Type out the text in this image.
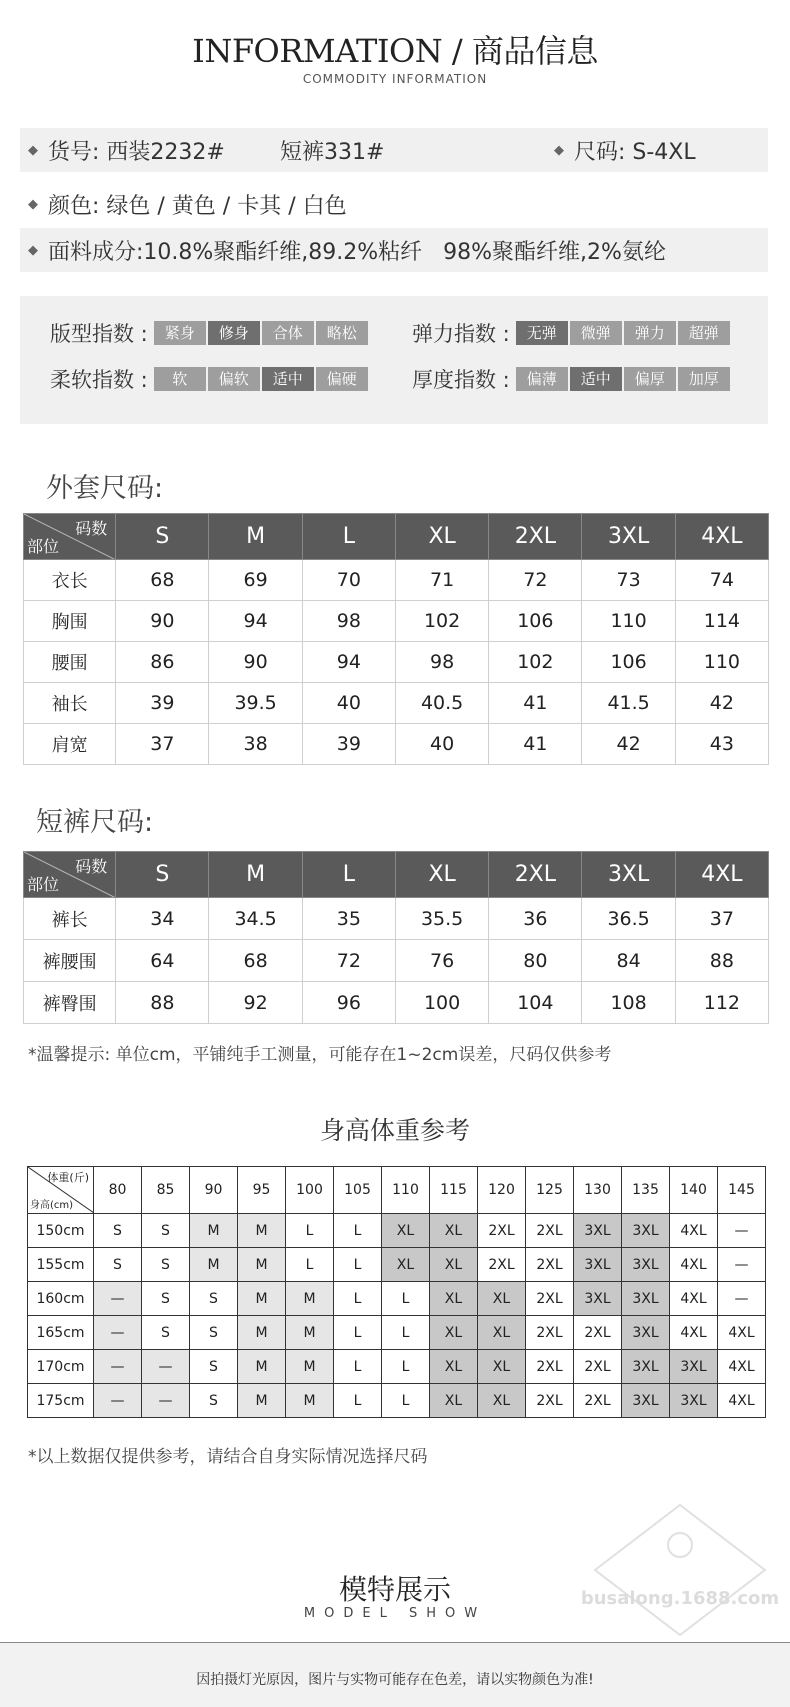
INFORMATION / 商品信息
COMMODITY INFORMATION
◆ 货号: 西装2232#	短裤331#	◆ 尺码: S-4XL
◆ 颜色: 绿色 / 黄色 / 卡其 / 白色
◆ 面料成分:10.8%聚酯纤维,89.2%粘纤   98%聚酯纤维,2%氨纶
版型指数 :	紧身	修身	合体	略松	弹力指数 :	无弹	微弹	弹力	超弹
柔软指数 :	软	偏软	适中	偏硬	厚度指数 :	偏薄	适中	偏厚	加厚
外套尺码:
码数
部位	S	M	L	XL	2XL	3XL	4XL
衣长	68	69	70	71	72	73	74
胸围	90	94	98	102	106	110	114
腰围	86	90	94	98	102	106	110
袖长	39	39.5	40	40.5	41	41.5	42
肩宽	37	38	39	40	41	42	43
短裤尺码:
码数
部位	S	M	L	XL	2XL	3XL	4XL
裤长	34	34.5	35	35.5	36	36.5	37
裤腰围	64	68	72	76	80	84	88
裤臀围	88	92	96	100	104	108	112
*温馨提示: 单位cm，平铺纯手工测量，可能存在1~2cm误差，尺码仅供参考
身高体重参考
体重(斤)
身高(cm)	80	85	90	95	100	105	110	115	120	125	130	135	140	145
150cm	S	S	M	M	L	L	XL	XL	2XL	2XL	3XL	3XL	4XL	—
155cm	S	S	M	M	L	L	XL	XL	2XL	2XL	3XL	3XL	4XL	—
160cm	—	S	S	M	M	L	L	XL	XL	2XL	3XL	3XL	4XL	—
165cm	—	S	S	M	M	L	L	XL	XL	2XL	2XL	3XL	4XL	4XL
170cm	—	—	S	M	M	L	L	XL	XL	2XL	2XL	3XL	3XL	4XL
175cm	—	—	S	M	M	L	L	XL	XL	2XL	2XL	3XL	3XL	4XL
*以上数据仅提供参考，请结合自身实际情况选择尺码
模特展示
MODEL SHOW
busalong.1688.com
因拍摄灯光原因，图片与实物可能存在色差，请以实物颜色为准!
